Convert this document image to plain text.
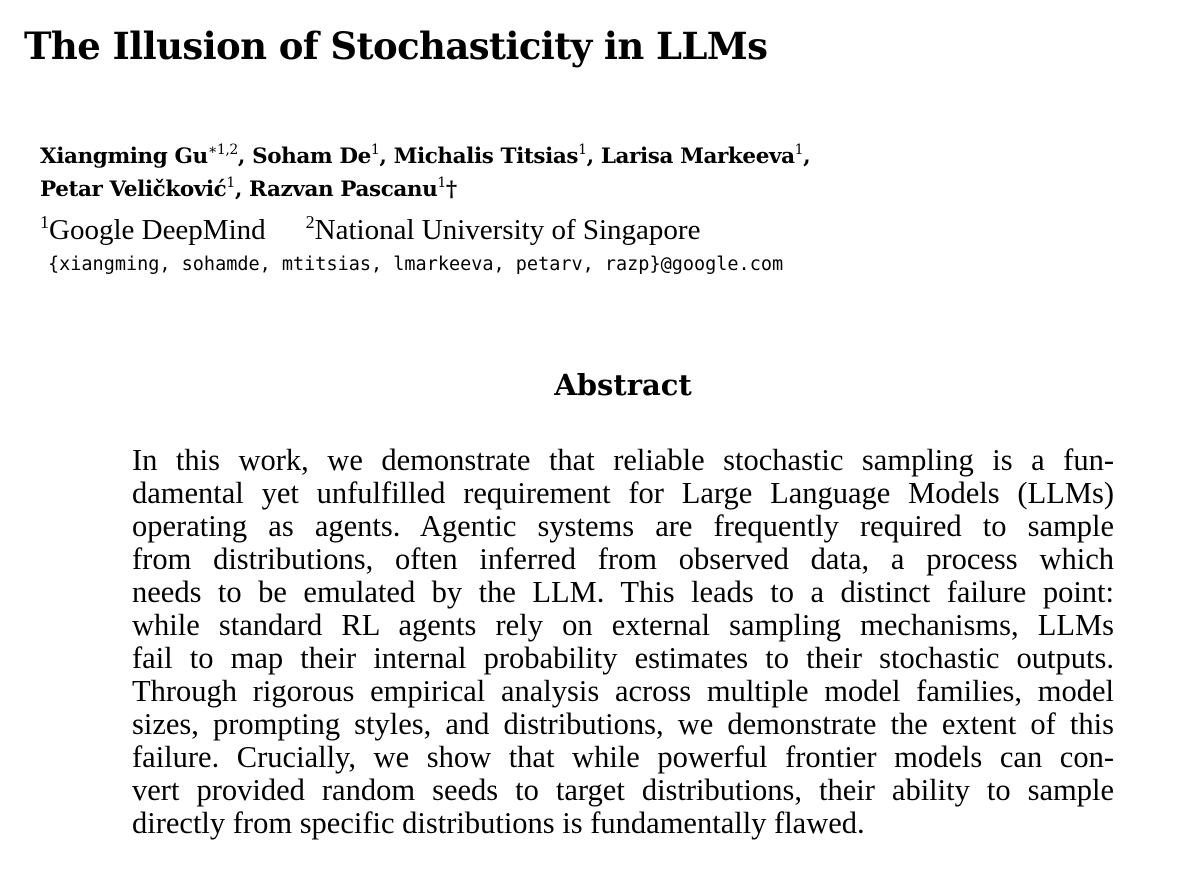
The Illusion of Stochasticity in LLMs
Xiangming $Gu^{∗1,2}$, Soham De$^1$, Michalis Titsias$^1$, Larisa Markeeva$^1$,
Petar Veličković$^1$, Razvan Pascanu$^1$†
$^1$Google DeepMind $^2$National University of Singapore
{xiangming, sohamde, mtitsias, lmarkeeva, petarv, razp}@google.com
Abstract
In this work, we demonstrate that reliable stochastic sampling is a fun-
damental yet unfulfilled requirement for Large Language Models (LLMs)
operating as agents. Agentic systems are frequently required to sample
from distributions, often inferred from observed data, a process which
needs to be emulated by the LLM. This leads to a distinct failure point:
while standard RL agents rely on external sampling mechanisms, LLMs
fail to map their internal probability estimates to their stochastic outputs.
Through rigorous empirical analysis across multiple model families, model
sizes, prompting styles, and distributions, we demonstrate the extent of this
failure. Crucially, we show that while powerful frontier models can con-
vert provided random seeds to target distributions, their ability to sample
directly from specific distributions is fundamentally flawed.
